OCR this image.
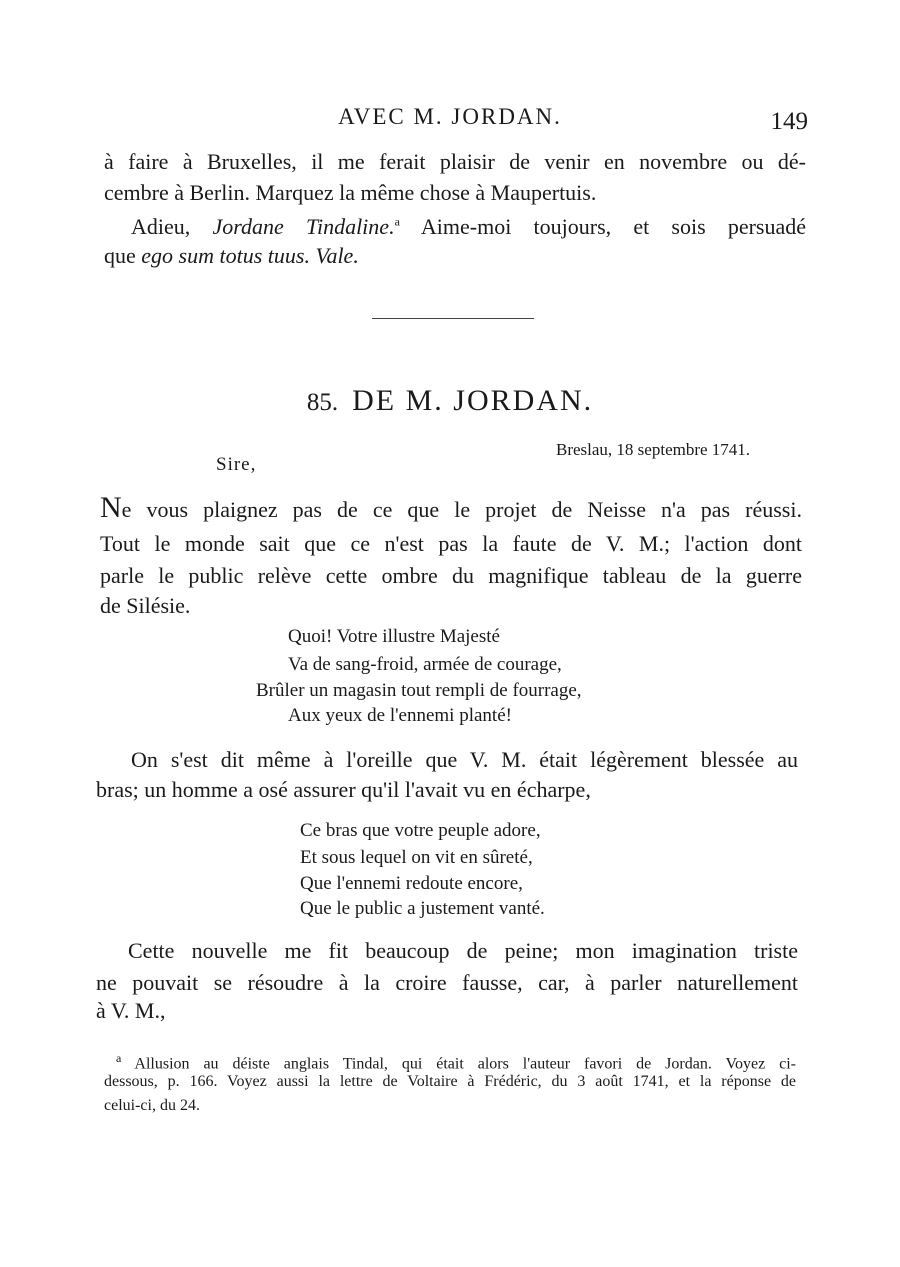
AVEC M. JORDAN.	149
à faire à Bruxelles, il me ferait plaisir de venir en novembre ou dé-
cembre à Berlin. Marquez la même chose à Maupertuis.
Adieu, Jordane Tindaline.$^a$ Aime-moi toujours, et sois persuadé
que ego sum totus tuus. Vale.
85. DE M. JORDAN.
Breslau, 18 septembre 1741.
Sire,
Ne vous plaignez pas de ce que le projet de Neisse n'a pas réussi.
Tout le monde sait que ce n'est pas la faute de V. M.; l'action dont
parle le public relève cette ombre du magnifique tableau de la guerre
de Silésie.
Quoi! Votre illustre Majesté
Va de sang-froid, armée de courage,
Brûler un magasin tout rempli de fourrage,
Aux yeux de l'ennemi planté!
On s'est dit même à l'oreille que V. M. était légèrement blessée au
bras; un homme a osé assurer qu'il l'avait vu en écharpe,
Ce bras que votre peuple adore,
Et sous lequel on vit en sûreté,
Que l'ennemi redoute encore,
Que le public a justement vanté.
Cette nouvelle me fit beaucoup de peine; mon imagination triste
ne pouvait se résoudre à la croire fausse, car, à parler naturellement
à V. M.,
$^a$ Allusion au déiste anglais Tindal, qui était alors l'auteur favori de Jordan. Voyez ci-
dessous, p. 166. Voyez aussi la lettre de Voltaire à Frédéric, du 3 août 1741, et la réponse de
celui-ci, du 24.
